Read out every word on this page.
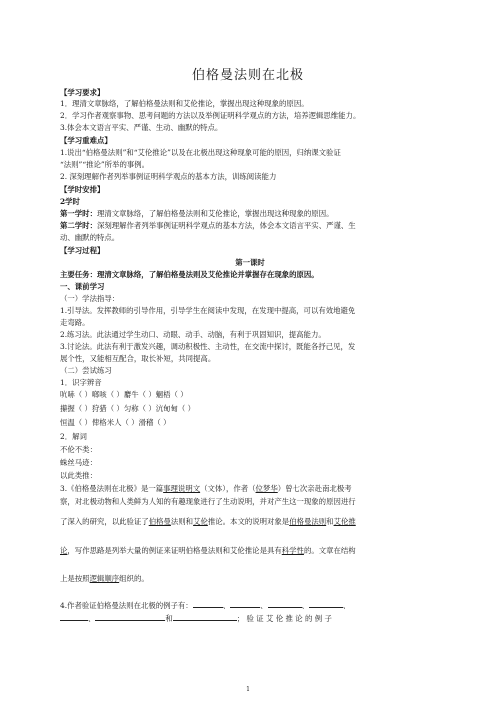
伯格曼法则在北极
【学习要求】
1．理清文章脉络，了解伯格曼法则和艾伦推论，掌握出现这种现象的原因。
2．学习作者观察事物、思考问题的方法以及举例证明科学观点的方法，培养逻辑思维能力。
3.体会本文语言平实、严谨、生动、幽默的特点。
【学习重难点】
1.说出“伯格曼法则”和“艾伦推论”以及在北极出现这种现象可能的原因，归纳课文验证
“法则”“推论”所举的事例。
2. 深刻理解作者列举事例证明科学观点的基本方法，训练阅读能力
【学时安排】
2学时
第一学时：理清文章脉络，了解伯格曼法则和艾伦推论，掌握出现这种现象的原因。
第二学时：深刻理解作者列举事例证明科学观点的基本方法，体会本文语言平实、严谨、生
动、幽默的特点。
【学习过程】
第一课时
主要任务：理清文章脉络，了解伯格曼法则及艾伦推论并掌握存在现象的原因。
一、课前学习
（一）学法指导：
1.引导法。发挥教师的引导作用，引导学生在阅读中发现，在发现中提高，可以有效地避免
走弯路。
2.练习法。此法通过学生动口、动眼、动手、动脑，有利于巩固知识，提高能力。
3.讨论法。此法有利于激发兴趣，调动积极性、主动性，在交流中探讨，既能各抒己见，发
展个性，又能相互配合，取长补短，共同提高。
（二）尝试练习
1．识字辨音
吭哧（ ）啷咳（ ）麝牛（ ）魍梧（ ）
攥握（ ）狩猎（ ）匀称（ ）沆甸甸（ ）
恒温（ ）俾格米人（ ）滑稽（ ）
2．解词
不伦不类：
蛛丝马迹：
以此类推：
3.《伯格曼法则在北极》是一篇事理说明文（文体），作者（位梦华）曾七次亲赴南北极考
察，对北极动物和人类鲜为人知的有趣现象进行了生动说明，并对产生这一现象的原因进行
了深入的研究，以此验证了伯格曼法则和艾伦推论。本文的说明对象是伯格曼法则和艾伦推
论，写作思路是列举大量的例证来证明伯格曼法则和艾伦推论是具有科学性的。文章在结构
上是按照逻辑顺序组织的。
4.作者验证伯格曼法则在北极的例子有：	、	、	、	、
、	和	； 验 证 艾 伦 推 论 的 例 子
1
